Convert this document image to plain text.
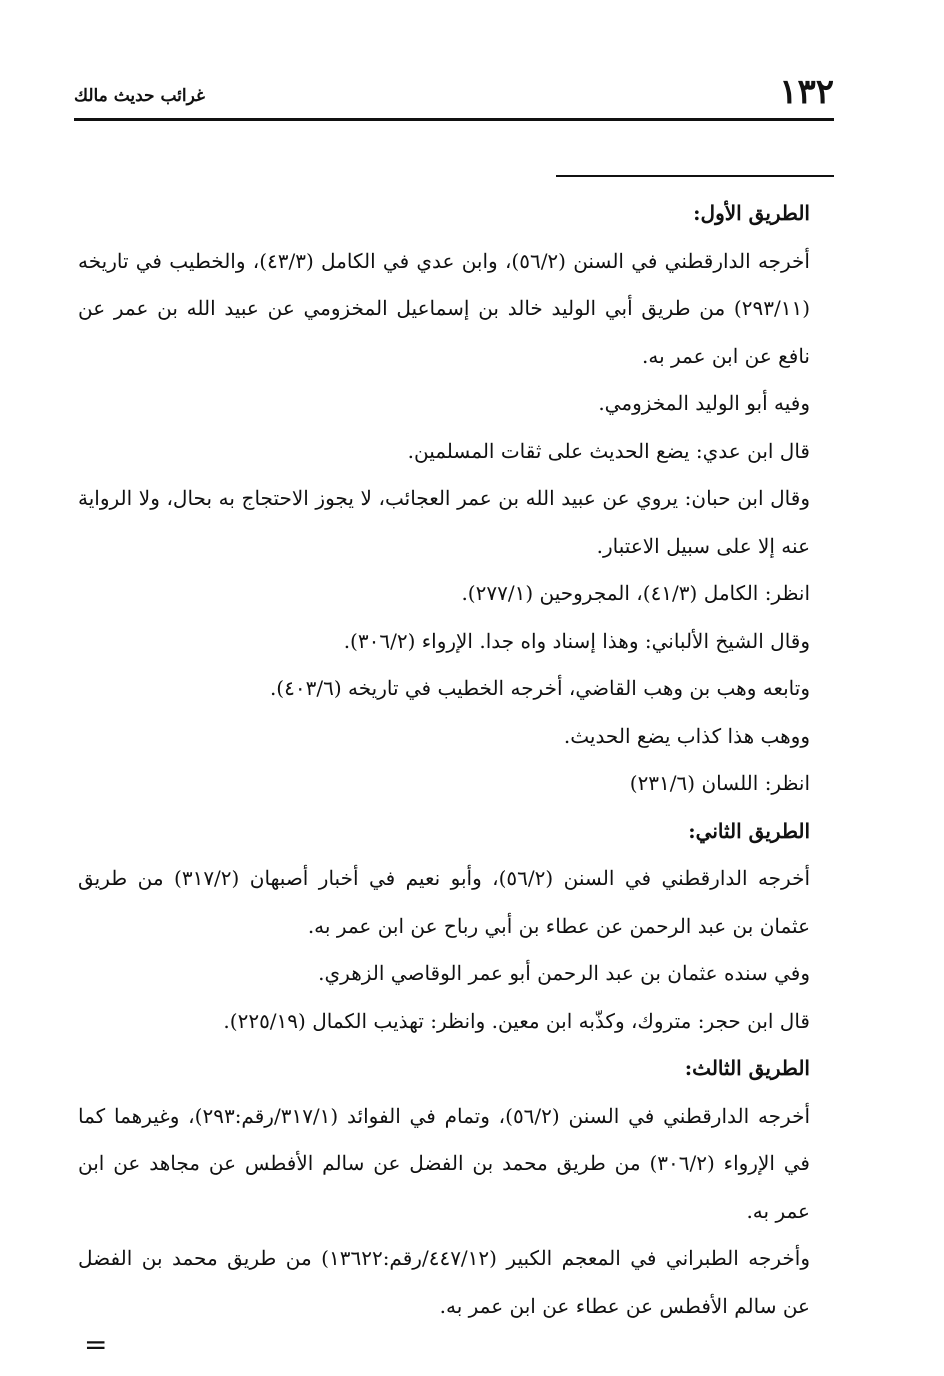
١٣٢
غرائب حديث مالك
الطريق الأول:
أخرجه الدارقطني في السنن (٥٦/٢)، وابن عدي في الكامل (٤٣/٣)، والخطيب في تاريخه (٢٩٣/١١) من طريق أبي الوليد خالد بن إسماعيل المخزومي عن عبيد الله بن عمر عن نافع عن ابن عمر به.
وفيه أبو الوليد المخزومي.
قال ابن عدي: يضع الحديث على ثقات المسلمين.
وقال ابن حبان: يروي عن عبيد الله بن عمر العجائب، لا يجوز الاحتجاج به بحال، ولا الرواية عنه إلا على سبيل الاعتبار.
انظر: الكامل (٤١/٣)، المجروحين (٢٧٧/١).
وقال الشيخ الألباني: وهذا إسناد واه جدا. الإرواء (٣٠٦/٢).
وتابعه وهب بن وهب القاضي، أخرجه الخطيب في تاريخه (٤٠٣/٦).
ووهب هذا كذاب يضع الحديث.
انظر: اللسان (٢٣١/٦)
الطريق الثاني:
أخرجه الدارقطني في السنن (٥٦/٢)، وأبو نعيم في أخبار أصبهان (٣١٧/٢) من طريق عثمان بن عبد الرحمن عن عطاء بن أبي رباح عن ابن عمر به.
وفي سنده عثمان بن عبد الرحمن أبو عمر الوقاصي الزهري.
قال ابن حجر: متروك، وكذّبه ابن معين. وانظر: تهذيب الكمال (٢٢٥/١٩).
الطريق الثالث:
أخرجه الدارقطني في السنن (٥٦/٢)، وتمام في الفوائد (٣١٧/١/رقم:٢٩٣)، وغيرهما كما في الإرواء (٣٠٦/٢) من طريق محمد بن الفضل عن سالم الأفطس عن مجاهد عن ابن عمر به.
وأخرجه الطبراني في المعجم الكبير (٤٤٧/١٢/رقم:١٣٦٢٢) من طريق محمد بن الفضل عن سالم الأفطس عن عطاء عن ابن عمر به.
=
